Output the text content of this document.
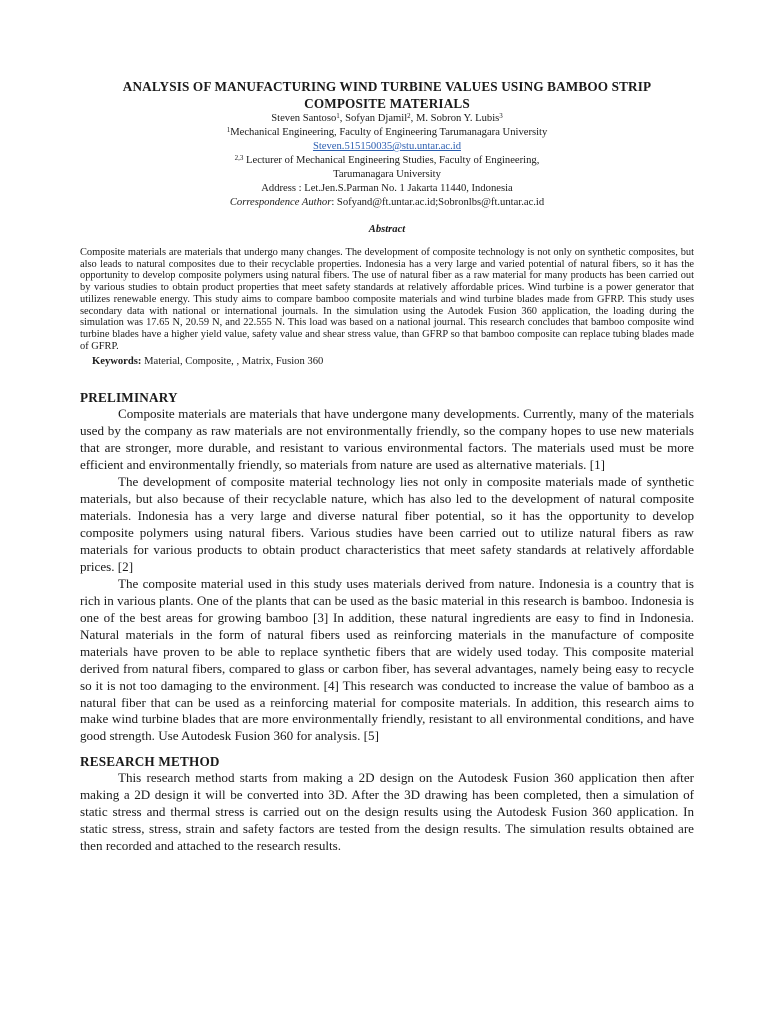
ANALYSIS OF MANUFACTURING WIND TURBINE VALUES USING BAMBOO STRIP
COMPOSITE MATERIALS

Steven Santoso$^1$, Sofyan Djamil$^2$, M. Sobron Y. Lubis$^3$

$^1$Mechanical Engineering, Faculty of Engineering Tarumanagara University

Steven.515150035@stu.untar.ac.id

$^{2,3}$ Lecturer of Mechanical Engineering Studies, Faculty of Engineering,
Tarumanagara University

Address : Let.Jen.S.Parman No. 1 Jakarta 11440, Indonesia

Correspondence Author: Sofyand@ft.untar.ac.id;Sobronlbs@ft.untar.ac.id

Abstract

Composite materials are materials that undergo many changes. The development of composite technology is not only on synthetic composites, but also leads to natural composites due to their recyclable properties. Indonesia has a very large and varied potential of natural fibers, so it has the opportunity to develop composite polymers using natural fibers. The use of natural fiber as a raw material for many products has been carried out by various studies to obtain product properties that meet safety standards at relatively affordable prices. Wind turbine is a power generator that utilizes renewable energy. This study aims to compare bamboo composite materials and wind turbine blades made from GFRP. This study uses secondary data with national or international journals. In the simulation using the Autodek Fusion 360 application, the loading during the simulation was 17.65 N, 20.59 N, and 22.555 N. This load was based on a national journal. This research concludes that bamboo composite wind turbine blades have a higher yield value, safety value and shear stress value, than GFRP so that bamboo composite can replace tubing blades made of GFRP.

Keywords: Material, Composite, , Matrix, Fusion 360

PRELIMINARY

Composite materials are materials that have undergone many developments. Currently, many of the materials used by the company as raw materials are not environmentally friendly, so the company hopes to use new materials that are stronger, more durable, and resistant to various environmental factors. The materials used must be more efficient and environmentally friendly, so materials from nature are used as alternative materials. [1]

The development of composite material technology lies not only in composite materials made of synthetic materials, but also because of their recyclable nature, which has also led to the development of natural composite materials. Indonesia has a very large and diverse natural fiber potential, so it has the opportunity to develop composite polymers using natural fibers. Various studies have been carried out to utilize natural fibers as raw materials for various products to obtain product characteristics that meet safety standards at relatively affordable prices. [2]

The composite material used in this study uses materials derived from nature. Indonesia is a country that is rich in various plants. One of the plants that can be used as the basic material in this research is bamboo. Indonesia is one of the best areas for growing bamboo [3] In addition, these natural ingredients are easy to find in Indonesia. Natural materials in the form of natural fibers used as reinforcing materials in the manufacture of composite materials have proven to be able to replace synthetic fibers that are widely used today. This composite material derived from natural fibers, compared to glass or carbon fiber, has several advantages, namely being easy to recycle so it is not too damaging to the environment. [4] This research was conducted to increase the value of bamboo as a natural fiber that can be used as a reinforcing material for composite materials. In addition, this research aims to make wind turbine blades that are more environmentally friendly, resistant to all environmental conditions, and have good strength. Use Autodesk Fusion 360 for analysis. [5]

RESEARCH METHOD

This research method starts from making a 2D design on the Autodesk Fusion 360 application then after making a 2D design it will be converted into 3D. After the 3D drawing has been completed, then a simulation of static stress and thermal stress is carried out on the design results using the Autodesk Fusion 360 application. In static stress, stress, strain and safety factors are tested from the design results. The simulation results obtained are then recorded and attached to the research results.
